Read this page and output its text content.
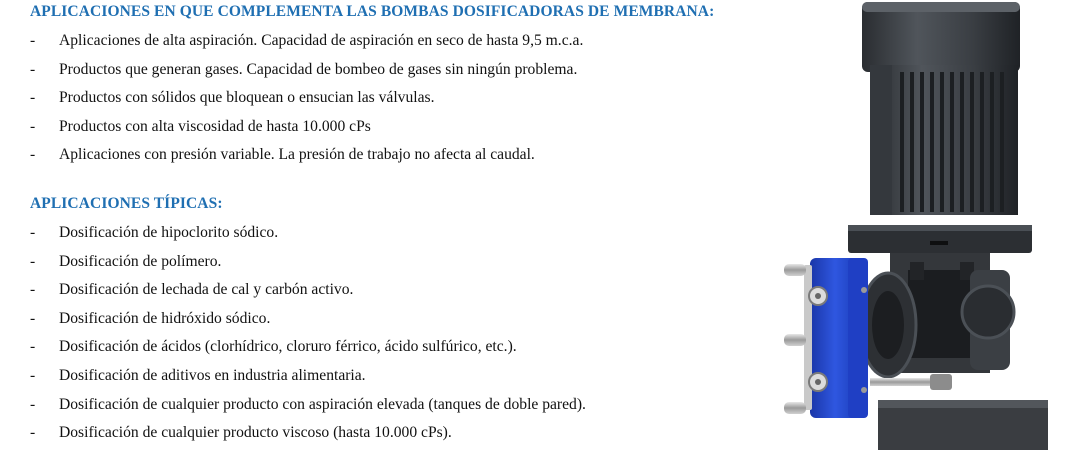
APLICACIONES EN QUE COMPLEMENTA LAS BOMBAS DOSIFICADORAS DE MEMBRANA:
-	Aplicaciones de alta aspiración. Capacidad de aspiración en seco de hasta 9,5 m.c.a.
-	Productos que generan gases. Capacidad de bombeo de gases sin ningún problema.
-	Productos con sólidos que bloquean o ensucian las válvulas.
-	Productos con alta viscosidad de hasta 10.000 cPs
-	Aplicaciones con presión variable. La presión de trabajo no afecta al caudal.
APLICACIONES TÍPICAS:
-	Dosificación de hipoclorito sódico.
-	Dosificación de polímero.
-	Dosificación de lechada de cal y carbón activo.
-	Dosificación de hidróxido sódico.
-	Dosificación de ácidos (clorhídrico, cloruro férrico, ácido sulfúrico, etc.).
-	Dosificación de aditivos en industria alimentaria.
-	Dosificación de cualquier producto con aspiración elevada (tanques de doble pared).
-	Dosificación de cualquier producto viscoso (hasta 10.000 cPs).
